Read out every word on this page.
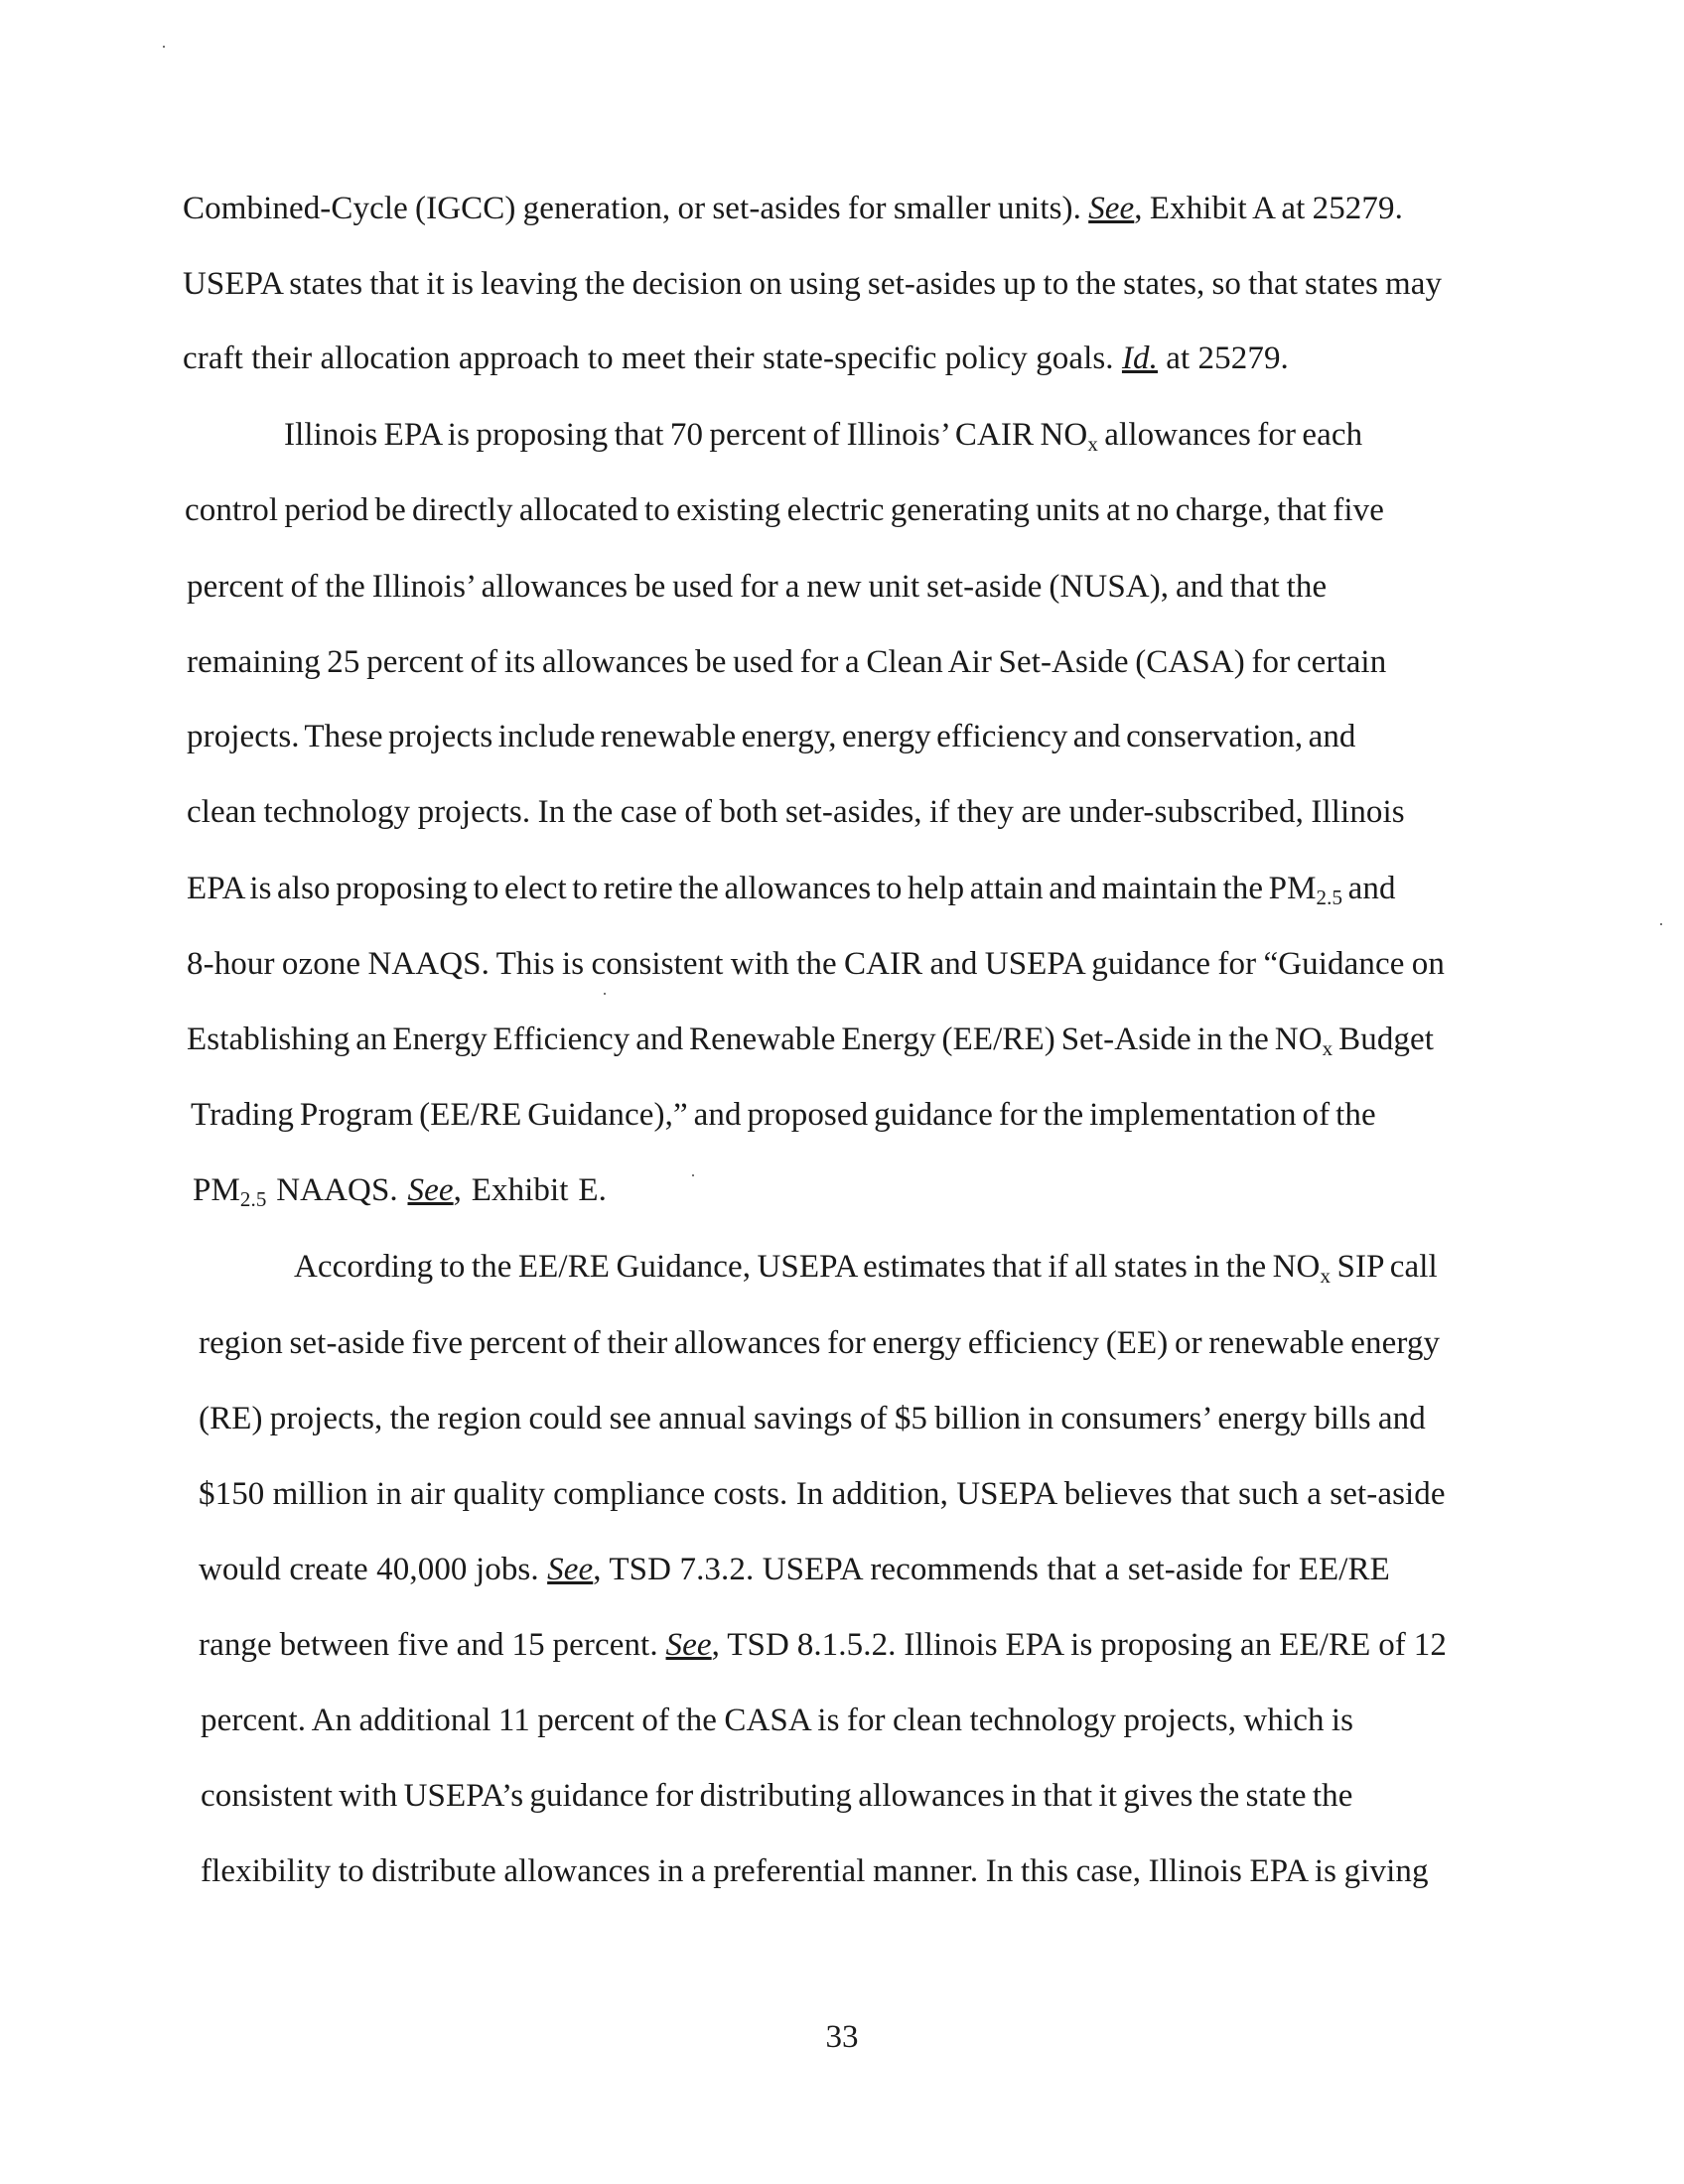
Combined-Cycle (IGCC) generation, or set-asides for smaller units). See, Exhibit A at 25279.
USEPA states that it is leaving the decision on using set-asides up to the states, so that states may
craft their allocation approach to meet their state-specific policy goals. Id. at 25279.
Illinois EPA is proposing that 70 percent of Illinois’ CAIR $NO_x$ allowances for each
control period be directly allocated to existing electric generating units at no charge, that five
percent of the Illinois’ allowances be used for a new unit set-aside (NUSA), and that the
remaining 25 percent of its allowances be used for a Clean Air Set-Aside (CASA) for certain
projects. These projects include renewable energy, energy efficiency and conservation, and
clean technology projects. In the case of both set-asides, if they are under-subscribed, Illinois
EPA is also proposing to elect to retire the allowances to help attain and maintain the $PM_{2.5}$ and
8-hour ozone NAAQS. This is consistent with the CAIR and USEPA guidance for “Guidance on
Establishing an Energy Efficiency and Renewable Energy (EE/RE) Set-Aside in the $NO_x$ Budget
Trading Program (EE/RE Guidance),” and proposed guidance for the implementation of the
$PM_{2.5}$ NAAQS. See, Exhibit E.
According to the EE/RE Guidance, USEPA estimates that if all states in the $NO_x$ SIP call
region set-aside five percent of their allowances for energy efficiency (EE) or renewable energy
(RE) projects, the region could see annual savings of $5 billion in consumers’ energy bills and
$150 million in air quality compliance costs. In addition, USEPA believes that such a set-aside
would create 40,000 jobs. See, TSD 7.3.2. USEPA recommends that a set-aside for EE/RE
range between five and 15 percent. See, TSD 8.1.5.2. Illinois EPA is proposing an EE/RE of 12
percent. An additional 11 percent of the CASA is for clean technology projects, which is
consistent with USEPA’s guidance for distributing allowances in that it gives the state the
flexibility to distribute allowances in a preferential manner. In this case, Illinois EPA is giving
33
